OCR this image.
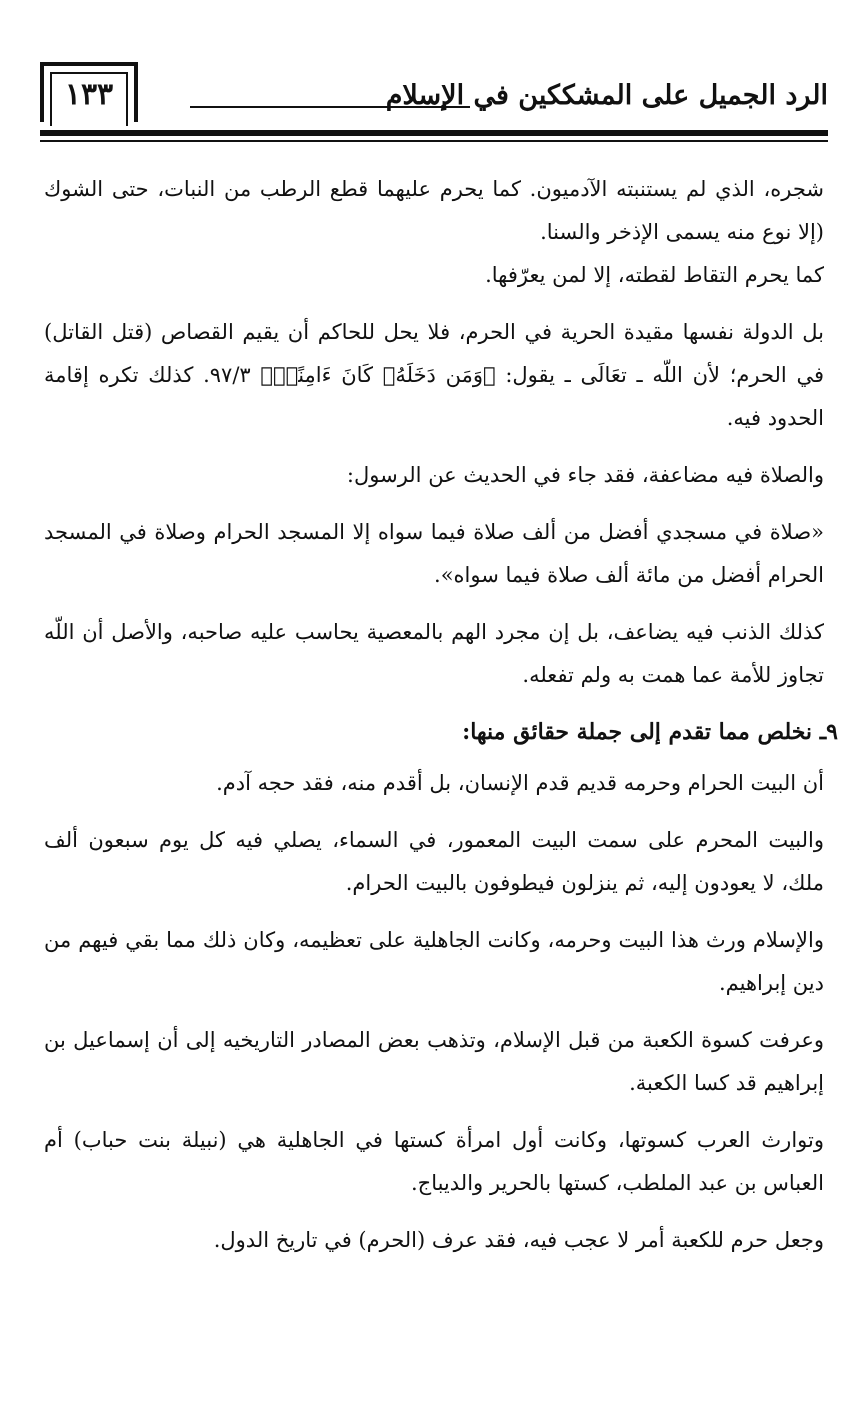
الرد الجميل على المشككين في الإسلام
١٣٣

شجره، الذي لم يستنبته الآدميون. كما يحرم عليهما قطع الرطب من النبات، حتى الشوك (إلا نوع منه يسمى الإذخر والسنا.

كما يحرم التقاط لقطته، إلا لمن يعرّفها.

بل الدولة نفسها مقيدة الحرية في الحرم، فلا يحل للحاكم أن يقيم القصاص (قتل القاتل) في الحرم؛ لأن اللّه ـ تعَالَى ـ يقول: ﴿وَمَن دَخَلَهُۥ كَانَ ءَامِنًاۗ﴾ ٩٧/٣. كذلك تكره إقامة الحدود فيه.

والصلاة فيه مضاعفة، فقد جاء في الحديث عن الرسول:

«صلاة في مسجدي أفضل من ألف صلاة فيما سواه إلا المسجد الحرام وصلاة في المسجد الحرام أفضل من مائة ألف صلاة فيما سواه».

كذلك الذنب فيه يضاعف، بل إن مجرد الهم بالمعصية يحاسب عليه صاحبه، والأصل أن اللّه تجاوز للأمة عما همت به ولم تفعله.

٩ـ نخلص مما تقدم إلى جملة حقائق منها:

أن البيت الحرام وحرمه قديم قدم الإنسان، بل أقدم منه، فقد حجه آدم.

والبيت المحرم على سمت البيت المعمور، في السماء، يصلي فيه كل يوم سبعون ألف ملك، لا يعودون إليه، ثم ينزلون فيطوفون بالبيت الحرام.

والإسلام ورث هذا البيت وحرمه، وكانت الجاهلية على تعظيمه، وكان ذلك مما بقي فيهم من دين إبراهيم.

وعرفت كسوة الكعبة من قبل الإسلام، وتذهب بعض المصادر التاريخيه إلى أن إسماعيل بن إبراهيم قد كسا الكعبة.

وتوارث العرب كسوتها، وكانت أول امرأة كستها في الجاهلية هي (نبيلة بنت حباب) أم العباس بن عبد الملطب، كستها بالحرير والديباج.

وجعل حرم للكعبة أمر لا عجب فيه، فقد عرف (الحرم) في تاريخ الدول.
